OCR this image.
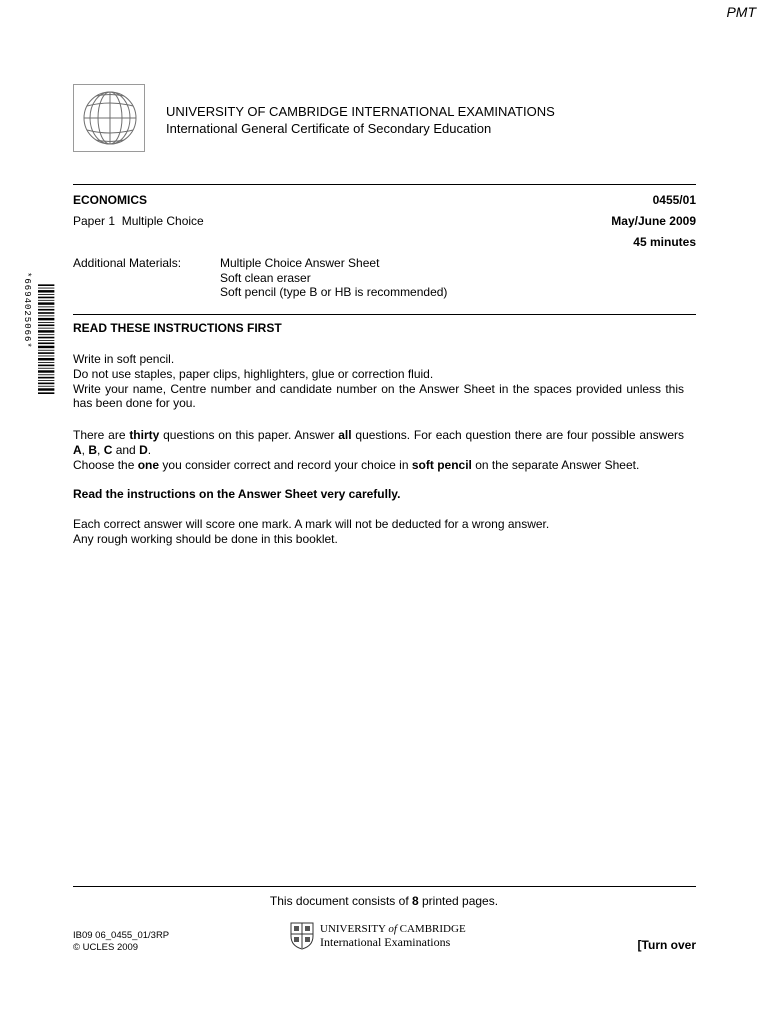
PMT
UNIVERSITY OF CAMBRIDGE INTERNATIONAL EXAMINATIONS
International General Certificate of Secondary Education
ECONOMICS	0455/01
Paper 1  Multiple Choice	May/June 2009
45 minutes
Additional Materials:	Multiple Choice Answer Sheet
Soft clean eraser
Soft pencil (type B or HB is recommended)
*6694025066*	READ THESE INSTRUCTIONS FIRST
Write in soft pencil.
Do not use staples, paper clips, highlighters, glue or correction fluid.
Write your name, Centre number and candidate number on the Answer Sheet in the spaces provided unless this has been done for you.
There are thirty questions on this paper. Answer all questions. For each question there are four possible answers A, B, C and D.
Choose the one you consider correct and record your choice in soft pencil on the separate Answer Sheet.
Read the instructions on the Answer Sheet very carefully.
Each correct answer will score one mark. A mark will not be deducted for a wrong answer.
Any rough working should be done in this booklet.
This document consists of 8 printed pages.
IB09 06_0455_01/3RP
© UCLES 2009
UNIVERSITY of CAMBRIDGE
International Examinations	[Turn over
